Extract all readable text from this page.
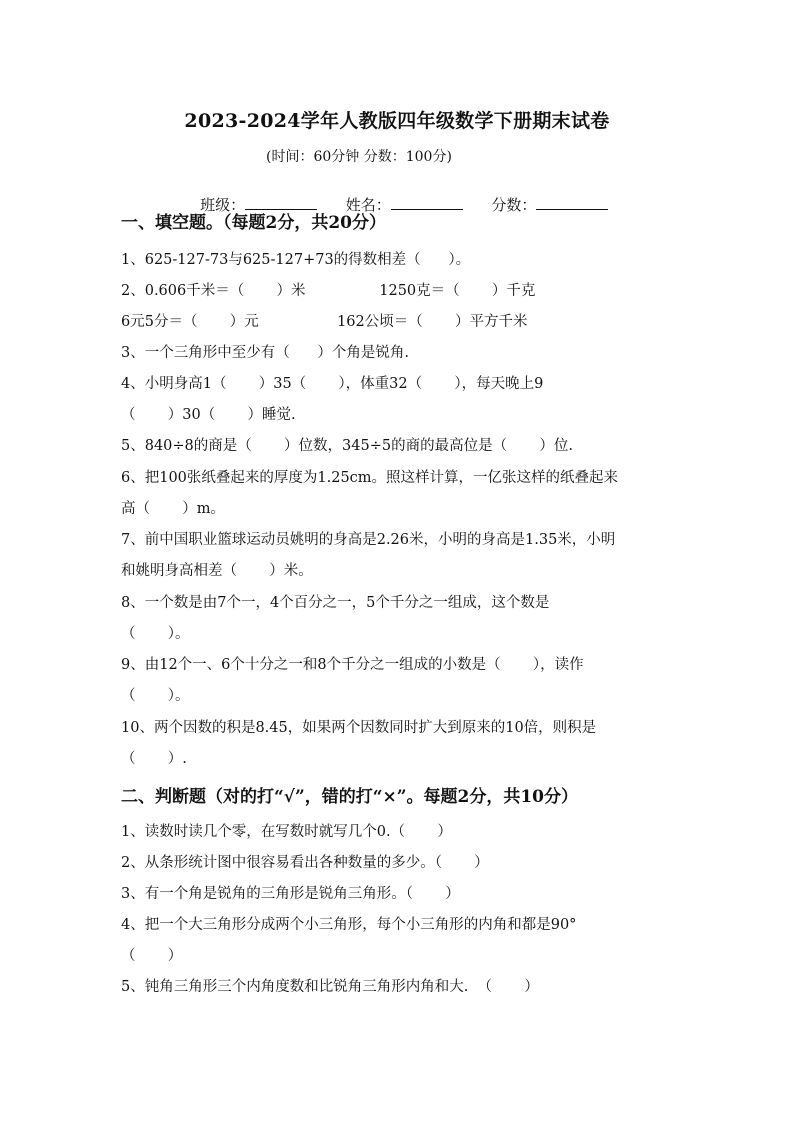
2023-2024学年人教版四年级数学下册期末试卷
(时间：60分钟 分数：100分)

班级：	姓名：	分数：

一、填空题。（每题2分，共20分）
1、625-127-73与625-127+73的得数相差（      ）。
2、0.606千米＝（       ）米                1250克＝（       ）千克
6元5分＝（       ）元                 162公顷＝（       ）平方千米
3、一个三角形中至少有（      ）个角是锐角.
4、小明身高1（       ）35（       ），体重32（       ），每天晚上9
（       ）30（       ）睡觉.
5、840÷8的商是（       ）位数，345÷5的商的最高位是（       ）位.
6、把100张纸叠起来的厚度为1.25cm。照这样计算，一亿张这样的纸叠起来
高（       ）m。
7、前中国职业篮球运动员姚明的身高是2.26米，小明的身高是1.35米，小明
和姚明身高相差（       ）米。
8、一个数是由7个一，4个百分之一，5个千分之一组成，这个数是
（       ）。
9、由12个一、6个十分之一和8个千分之一组成的小数是（       ），读作
（       ）。
10、两个因数的积是8.45，如果两个因数同时扩大到原来的10倍，则积是
（       ）.
二、判断题（对的打“√”，错的打“×”。每题2分，共10分）
1、读数时读几个零，在写数时就写几个0.（       ）
2、从条形统计图中很容易看出各种数量的多少。（       ）
3、有一个角是锐角的三角形是锐角三角形。（       ）
4、把一个大三角形分成两个小三角形，每个小三角形的内角和都是90°
（       ）
5、钝角三角形三个内角度数和比锐角三角形内角和大.  （       ）
